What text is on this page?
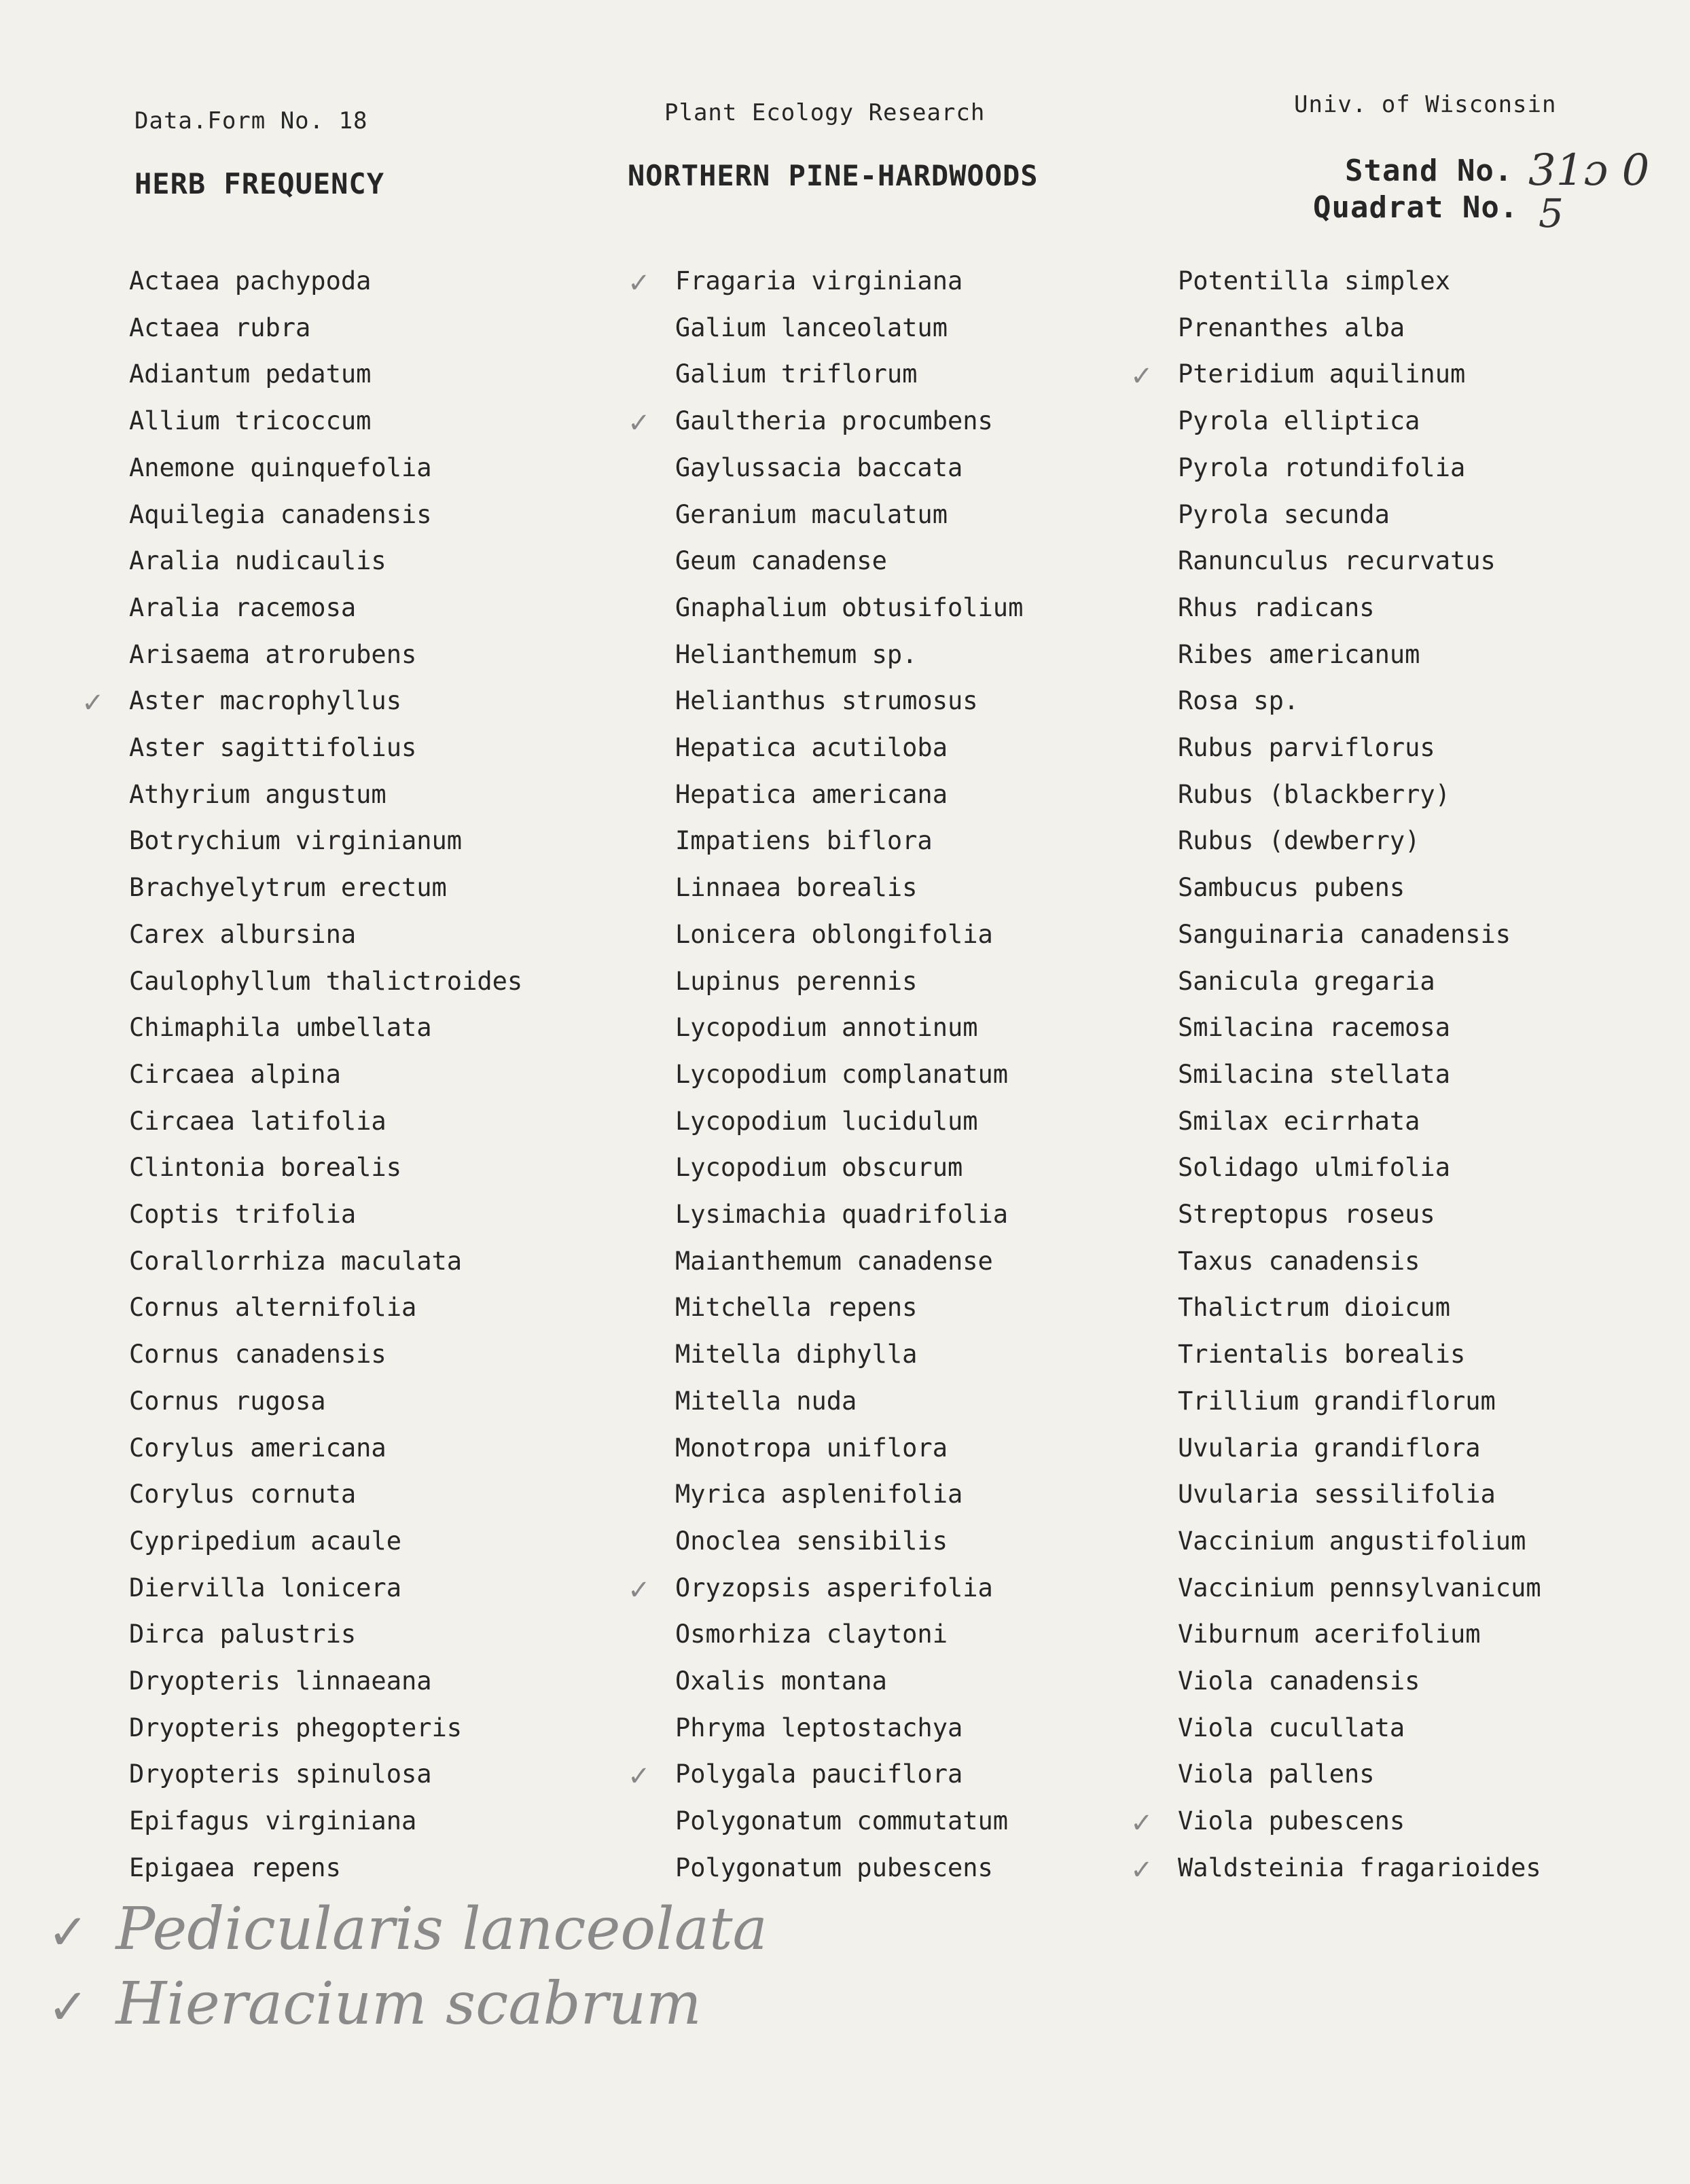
Data.Form No. 18	Plant Ecology Research	Univ. of Wisconsin
HERB FREQUENCY	NORTHERN PINE-HARDWOODS	Stand No. 31ɔ 0
Quadrat No. 5
Actaea pachypoda
Actaea rubra
Adiantum pedatum
Allium tricoccum
Anemone quinquefolia
Aquilegia canadensis
Aralia nudicaulis
Aralia racemosa
Arisaema atrorubens
Aster macrophyllus
✓
Aster sagittifolius
Athyrium angustum
Botrychium virginianum
Brachyelytrum erectum
Carex albursina
Caulophyllum thalictroides
Chimaphila umbellata
Circaea alpina
Circaea latifolia
Clintonia borealis
Coptis trifolia
Corallorrhiza maculata
Cornus alternifolia
Cornus canadensis
Cornus rugosa
Corylus americana
Corylus cornuta
Cypripedium acaule
Diervilla lonicera
Dirca palustris
Dryopteris linnaeana
Dryopteris phegopteris
Dryopteris spinulosa
Epifagus virginiana
Epigaea repens
Fragaria virginiana
✓
Galium lanceolatum
Galium triflorum
Gaultheria procumbens
✓
Gaylussacia baccata
Geranium maculatum
Geum canadense
Gnaphalium obtusifolium
Helianthemum sp.
Helianthus strumosus
Hepatica acutiloba
Hepatica americana
Impatiens biflora
Linnaea borealis
Lonicera oblongifolia
Lupinus perennis
Lycopodium annotinum
Lycopodium complanatum
Lycopodium lucidulum
Lycopodium obscurum
Lysimachia quadrifolia
Maianthemum canadense
Mitchella repens
Mitella diphylla
Mitella nuda
Monotropa uniflora
Myrica asplenifolia
Onoclea sensibilis
Oryzopsis asperifolia
✓
Osmorhiza claytoni
Oxalis montana
Phryma leptostachya
Polygala pauciflora
✓
Polygonatum commutatum
Polygonatum pubescens
Potentilla simplex
Prenanthes alba
Pteridium aquilinum
✓
Pyrola elliptica
Pyrola rotundifolia
Pyrola secunda
Ranunculus recurvatus
Rhus radicans
Ribes americanum
Rosa sp.
Rubus parviflorus
Rubus (blackberry)
Rubus (dewberry)
Sambucus pubens
Sanguinaria canadensis
Sanicula gregaria
Smilacina racemosa
Smilacina stellata
Smilax ecirrhata
Solidago ulmifolia
Streptopus roseus
Taxus canadensis
Thalictrum dioicum
Trientalis borealis
Trillium grandiflorum
Uvularia grandiflora
Uvularia sessilifolia
Vaccinium angustifolium
Vaccinium pennsylvanicum
Viburnum acerifolium
Viola canadensis
Viola cucullata
Viola pallens
Viola pubescens
✓
Waldsteinia fragarioides
✓
✓ Pedicularis lanceolata
✓ Hieracium scabrum
